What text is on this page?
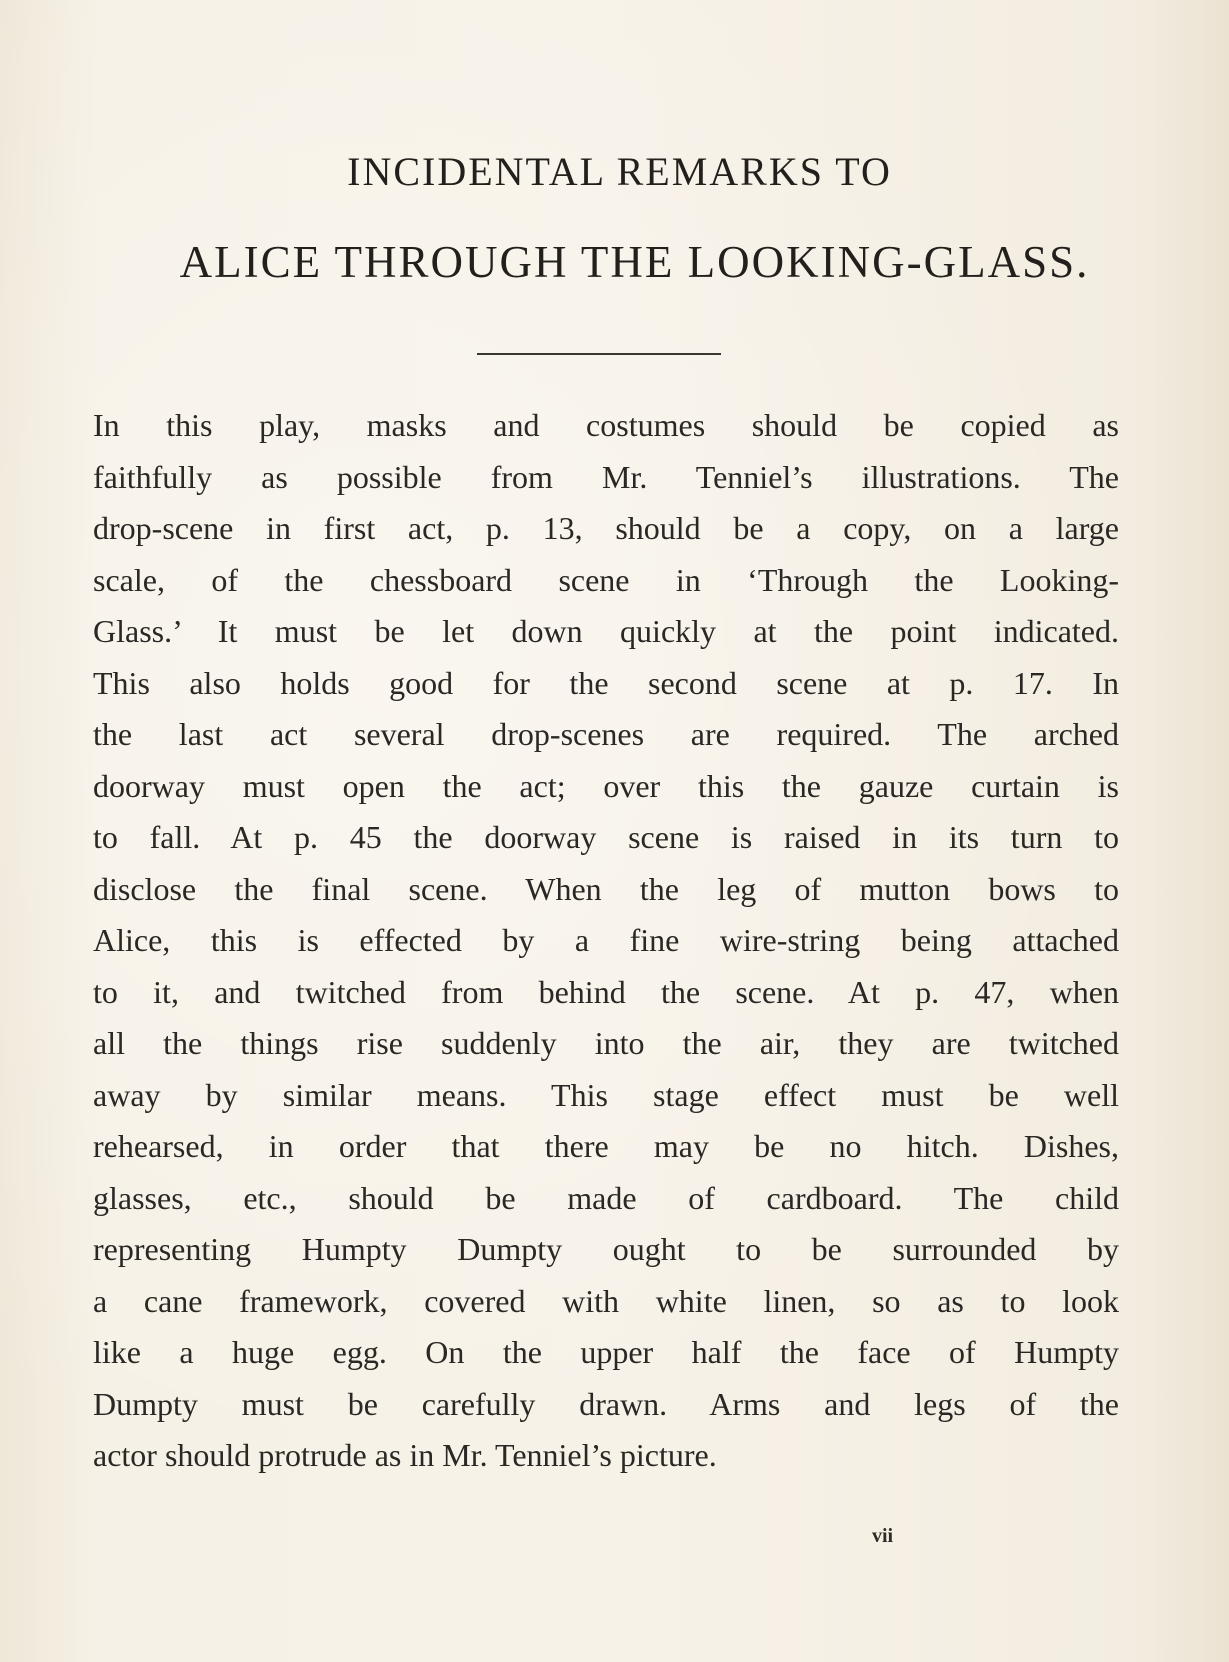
INCIDENTAL REMARKS TO
ALICE THROUGH THE LOOKING-GLASS.
In this play, masks and costumes should be copied as
faithfully as possible from Mr. Tenniel’s illustrations. The
drop-scene in first act, p. 13, should be a copy, on a large
scale, of the chessboard scene in ‘Through the Looking-
Glass.’ It must be let down quickly at the point indicated.
This also holds good for the second scene at p. 17. In
the last act several drop-scenes are required. The arched
doorway must open the act; over this the gauze curtain is
to fall. At p. 45 the doorway scene is raised in its turn to
disclose the final scene. When the leg of mutton bows to
Alice, this is effected by a fine wire-string being attached
to it, and twitched from behind the scene. At p. 47, when
all the things rise suddenly into the air, they are twitched
away by similar means. This stage effect must be well
rehearsed, in order that there may be no hitch. Dishes,
glasses, etc., should be made of cardboard. The child
representing Humpty Dumpty ought to be surrounded by
a cane framework, covered with white linen, so as to look
like a huge egg. On the upper half the face of Humpty
Dumpty must be carefully drawn. Arms and legs of the
actor should protrude as in Mr. Tenniel’s picture.
vii
